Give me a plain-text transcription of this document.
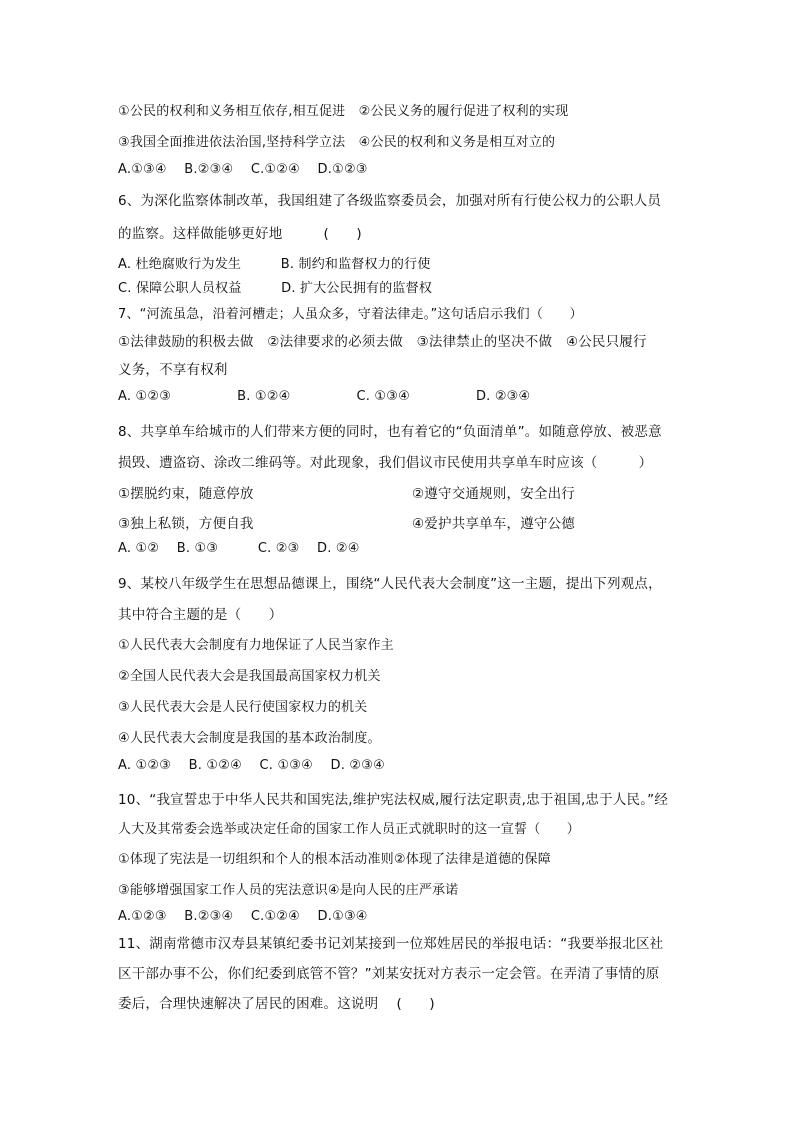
①公民的权利和义务相互依存,相互促进　②公民义务的履行促进了权利的实现
③我国全面推进依法治国,坚持科学立法　④公民的权利和义务是相互对立的
A.①③④　 B.②③④　 C.①②④　 D.①②③
6、为深化监察体制改革，我国组建了各级监察委员会，加强对所有行使公权力的公职人员
的监察。这样做能够更好地　　　(　　)
A. 杜绝腐败行为发生　　　B. 制约和监督权力的行使
C. 保障公职人员权益　　　D. 扩大公民拥有的监督权
7、“河流虽急，沿着河槽走；人虽众多，守着法律走。”这句话启示我们（　　）
①法律鼓励的积极去做　②法律要求的必须去做　③法律禁止的坚决不做　④公民只履行
义务，不享有权利
A. ①②③　　　　　B. ①②④　　　　　C. ①③④　　　　　D. ②③④
8、共享单车给城市的人们带来方便的同时，也有着它的“负面清单”。如随意停放、被恶意
损毁、遭盗窃、涂改二维码等。对此现象，我们倡议市民使用共享单车时应该（　　　）
①摆脱约束，随意停放	②遵守交通规则，安全出行
③独上私锁，方便自我	④爱护共享单车，遵守公德
A. ①②　 B. ①③　　　C. ②③　 D. ②④
9、某校八年级学生在思想品德课上，围绕“人民代表大会制度”这一主题，提出下列观点，
其中符合主题的是（　　）
①人民代表大会制度有力地保证了人民当家作主
②全国人民代表大会是我国最高国家权力机关
③人民代表大会是人民行使国家权力的机关
④人民代表大会制度是我国的基本政治制度。
A. ①②③　 B. ①②④　 C. ①③④　 D. ②③④
10、“我宣誓忠于中华人民共和国宪法,维护宪法权威,履行法定职责,忠于祖国,忠于人民。”经
人大及其常委会选举或决定任命的国家工作人员正式就职时的这一宣誓（　　）
①体现了宪法是一切组织和个人的根本活动准则②体现了法律是道德的保障
③能够增强国家工作人员的宪法意识④是向人民的庄严承诺
A.①②③　 B.②③④　 C.①②④　 D.①③④
11、湖南常德市汉寿县某镇纪委书记刘某接到一位郑姓居民的举报电话：“我要举报北区社
区干部办事不公，你们纪委到底管不管？”刘某安抚对方表示一定会管。在弄清了事情的原
委后，合理快速解决了居民的困难。这说明　 (　　)
